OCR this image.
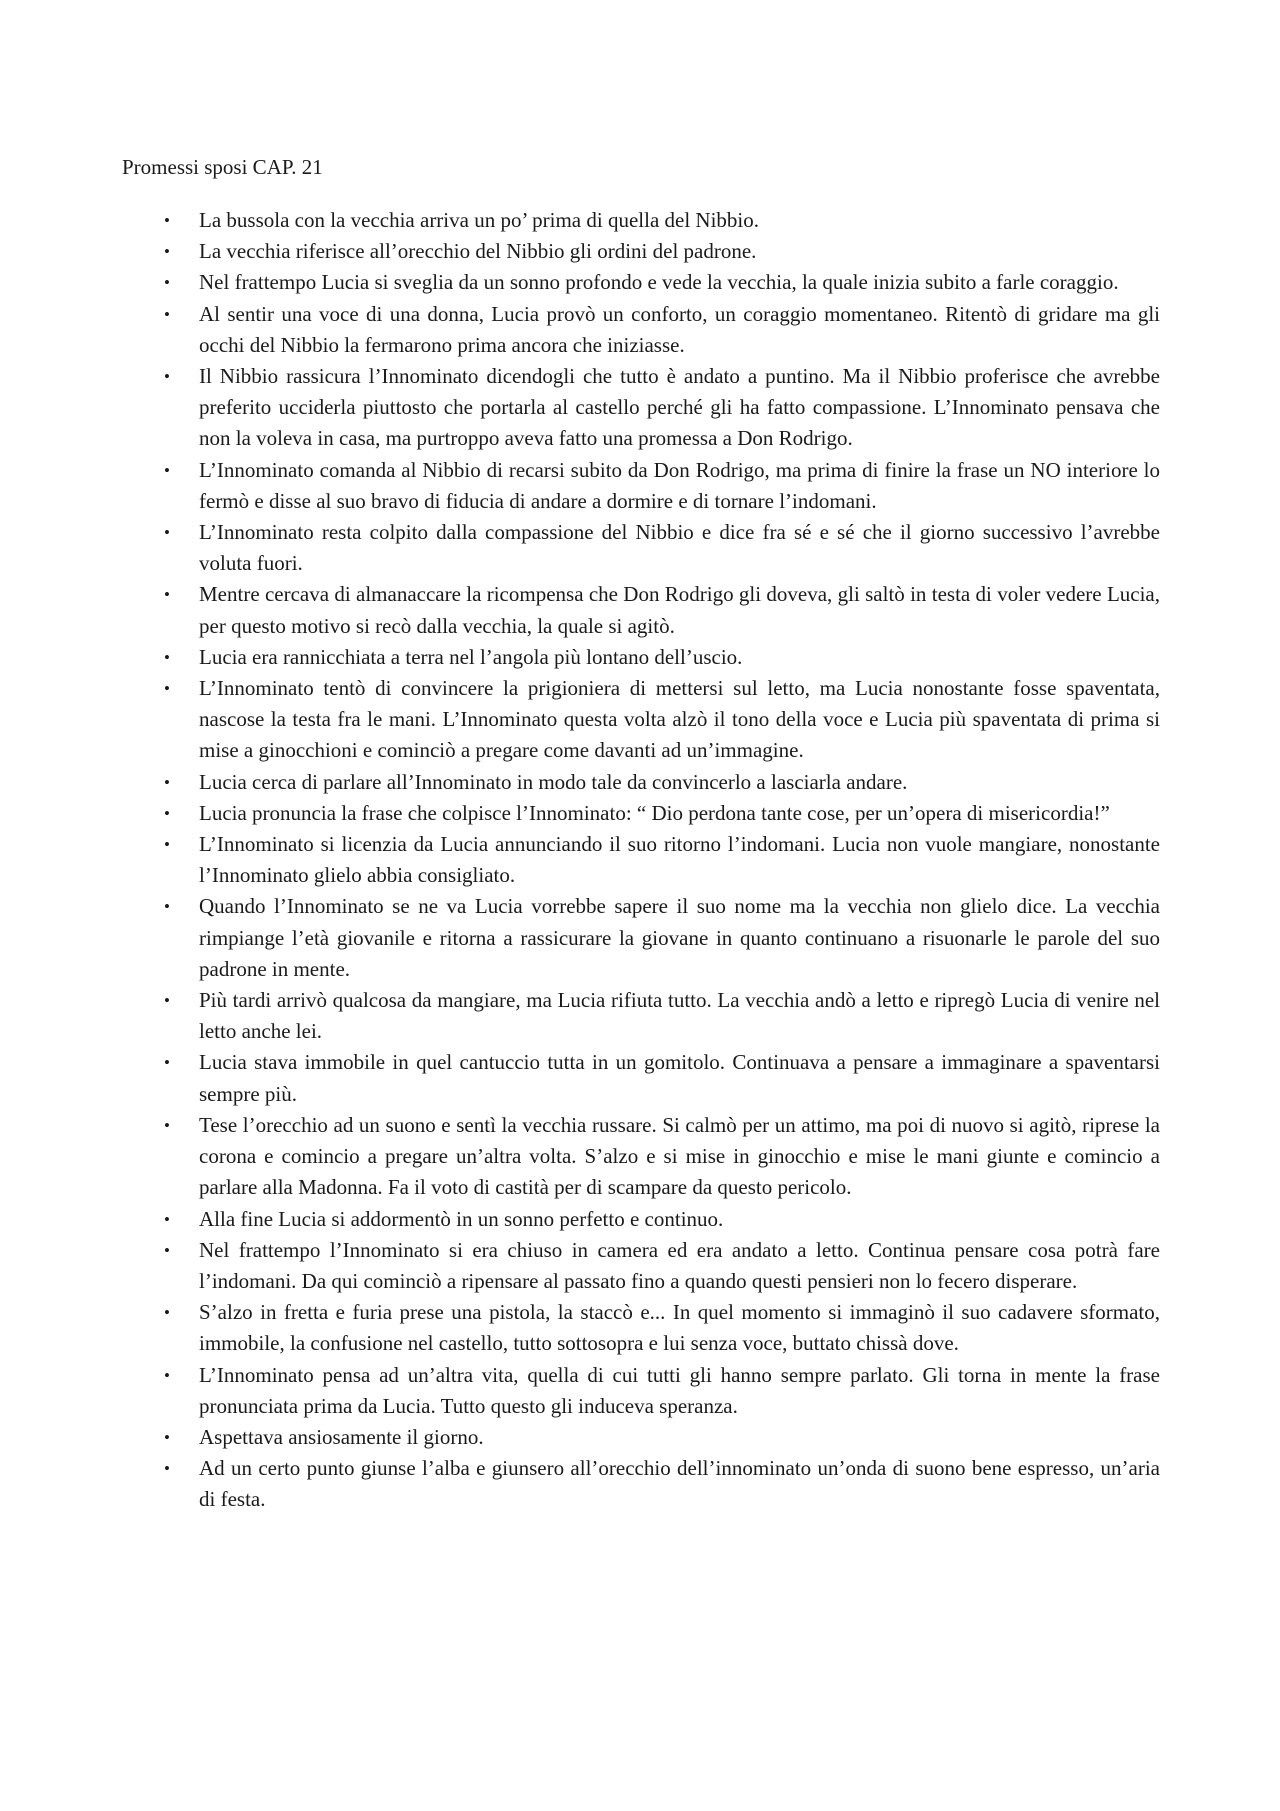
Promessi sposi CAP. 21
• La bussola con la vecchia arriva un po’ prima di quella del Nibbio.
• La vecchia riferisce all’orecchio del Nibbio gli ordini del padrone.
• Nel frattempo Lucia si sveglia da un sonno profondo e vede la vecchia, la quale inizia subito a farle coraggio.
• Al sentir una voce di una donna, Lucia provò un conforto, un coraggio momentaneo. Ritentò di gridare ma gli occhi del Nibbio la fermarono prima ancora che iniziasse.
• Il Nibbio rassicura l’Innominato dicendogli che tutto è andato a puntino. Ma il Nibbio proferisce che avrebbe preferito ucciderla piuttosto che portarla al castello perché gli ha fatto compassione. L’Innominato pensava che non la voleva in casa, ma purtroppo aveva fatto una promessa a Don Rodrigo.
• L’Innominato comanda al Nibbio di recarsi subito da Don Rodrigo, ma prima di finire la frase un NO interiore lo fermò e disse al suo bravo di fiducia di andare a dormire e di tornare l’indomani.
• L’Innominato resta colpito dalla compassione del Nibbio e dice fra sé e sé che il giorno successivo l’avrebbe voluta fuori.
• Mentre cercava di almanaccare la ricompensa che Don Rodrigo gli doveva, gli saltò in testa di voler vedere Lucia, per questo motivo si recò dalla vecchia, la quale si agitò.
• Lucia era rannicchiata a terra nel l’angola più lontano dell’uscio.
• L’Innominato tentò di convincere la prigioniera di mettersi sul letto, ma Lucia nonostante fosse spaventata, nascose la testa fra le mani. L’Innominato questa volta alzò il tono della voce e Lucia più spaventata di prima si mise a ginocchioni e cominciò a pregare come davanti ad un’immagine.
• Lucia cerca di parlare all’Innominato in modo tale da convincerlo a lasciarla andare.
• Lucia pronuncia la frase che colpisce l’Innominato: “ Dio perdona tante cose, per un’opera di misericordia!”
• L’Innominato si licenzia da Lucia annunciando il suo ritorno l’indomani. Lucia non vuole mangiare, nonostante l’Innominato glielo abbia consigliato.
• Quando l’Innominato se ne va Lucia vorrebbe sapere il suo nome ma la vecchia non glielo dice. La vecchia rimpiange l’età giovanile e ritorna a rassicurare la giovane in quanto continuano a risuonarle le parole del suo padrone in mente.
• Più tardi arrivò qualcosa da mangiare, ma Lucia rifiuta tutto. La vecchia andò a letto e ripregò Lucia di venire nel letto anche lei.
• Lucia stava immobile in quel cantuccio tutta in un gomitolo. Continuava a pensare a immaginare a spaventarsi sempre più.
• Tese l’orecchio ad un suono e sentì la vecchia russare. Si calmò per un attimo, ma poi di nuovo si agitò, riprese la corona e comincio a pregare un’altra volta. S’alzo e si mise in ginocchio e mise le mani giunte e comincio a parlare alla Madonna. Fa il voto di castità per di scampare da questo pericolo.
• Alla fine Lucia si addormentò in un sonno perfetto e continuo.
• Nel frattempo l’Innominato si era chiuso in camera ed era andato a letto. Continua pensare cosa potrà fare l’indomani. Da qui cominciò a ripensare al passato fino a quando questi pensieri non lo fecero disperare.
• S’alzo in fretta e furia prese una pistola, la staccò e... In quel momento si immaginò il suo cadavere sformato, immobile, la confusione nel castello, tutto sottosopra e lui senza voce, buttato chissà dove.
• L’Innominato pensa ad un’altra vita, quella di cui tutti gli hanno sempre parlato. Gli torna in mente la frase pronunciata prima da Lucia. Tutto questo gli induceva speranza.
• Aspettava ansiosamente il giorno.
• Ad un certo punto giunse l’alba e giunsero all’orecchio dell’innominato un’onda di suono bene espresso, un’aria di festa.
